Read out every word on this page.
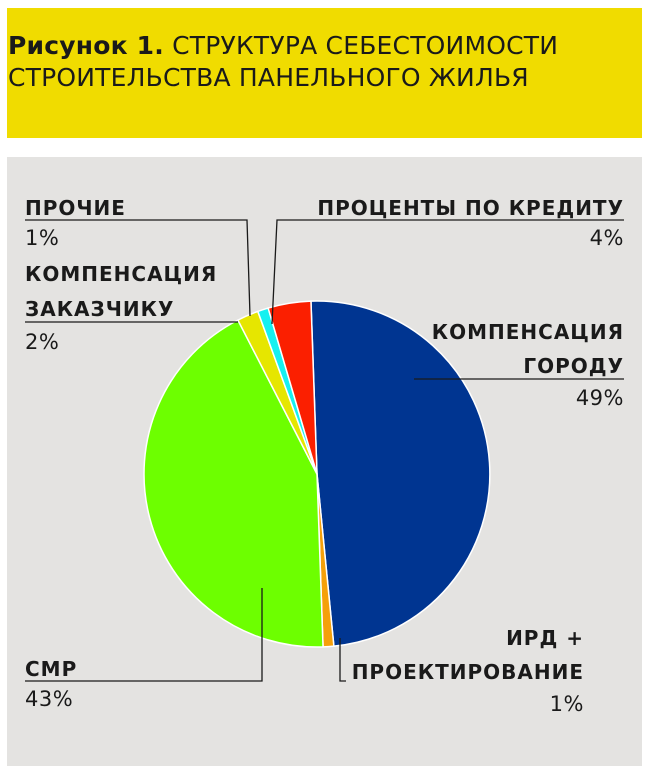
Рисунок 1. СТРУКТУРА СЕБЕСТОИМОСТИ
СТРОИТЕЛЬСТВА ПАНЕЛЬНОГО ЖИЛЬЯ
ПРОЧИЕ
1%
КОМПЕНСАЦИЯ
ЗАКАЗЧИКУ
2%
ПРОЦЕНТЫ ПО КРЕДИТУ
4%
КОМПЕНСАЦИЯ
ГОРОДУ
49%
ИРД +
ПРОЕКТИРОВАНИЕ
1%
СМР
43%
